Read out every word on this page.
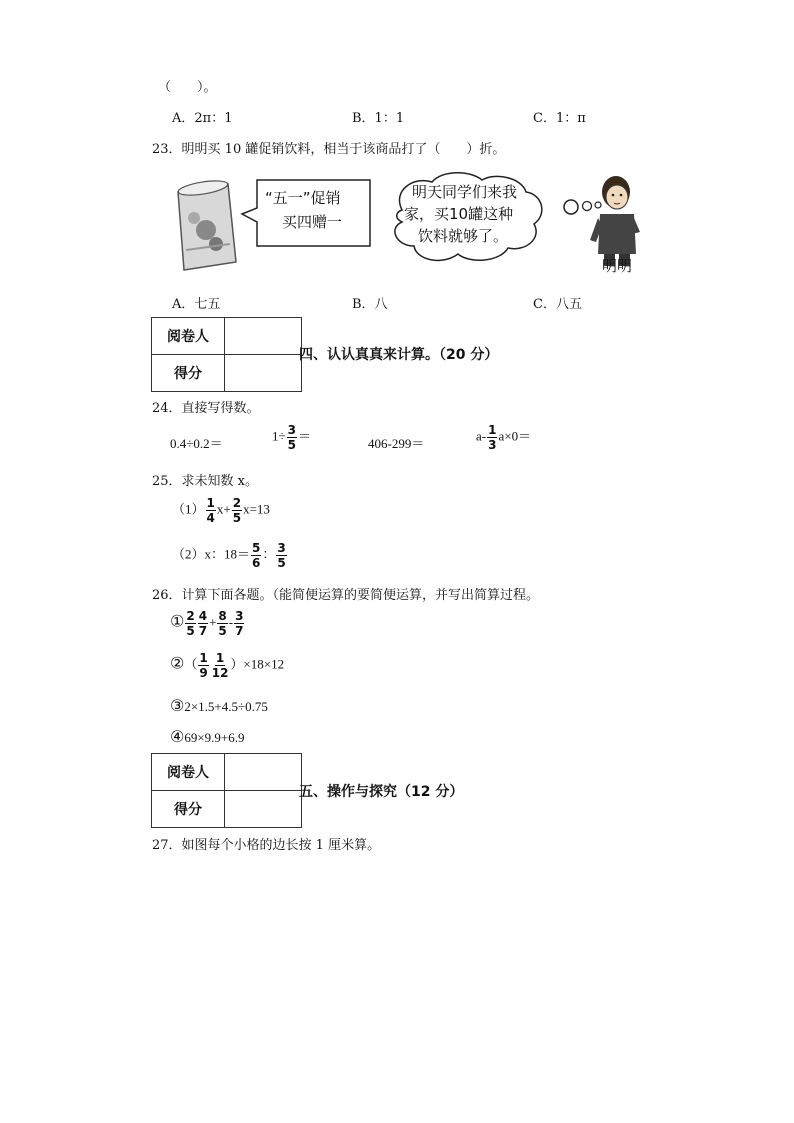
（　　）。
A．2π：1	B．1：1	C．1：π
23．明明买 10 罐促销饮料，相当于该商品打了（　　）折。
“五一”促销
买四赠一
明天同学们来我
家，买10罐这种
饮料就够了。
明明
A．七五	B．八	C．八五
阅卷人	
得分	
四、认认真真来计算。（20 分）
24．直接写得数。
0.4÷0.2＝
$1\div \frac{3}{5}$ ＝
406-299＝
$a- \frac{1}{3} a\times 0=$
25．求未知数 x。
$(1) \frac{1}{4} x+ \frac{2}{5} x=13$
（2）x：$18= \frac{5}{6}$ ： $\frac{3}{5}$
26．计算下面各题。（能简便运算的要简便运算，并写出简算过程。
① $\frac{2}{5} \frac{4}{7} + \frac{8}{5} - \frac{3}{7}$
②（ $\frac{1}{9} \frac{1}{12} )\times 18\times 12$
③2×1.5+4.5÷0.75
④69×9.9+6.9
阅卷人	
得分	
五、操作与探究（12 分）
27．如图每个小格的边长按 1 厘米算。
